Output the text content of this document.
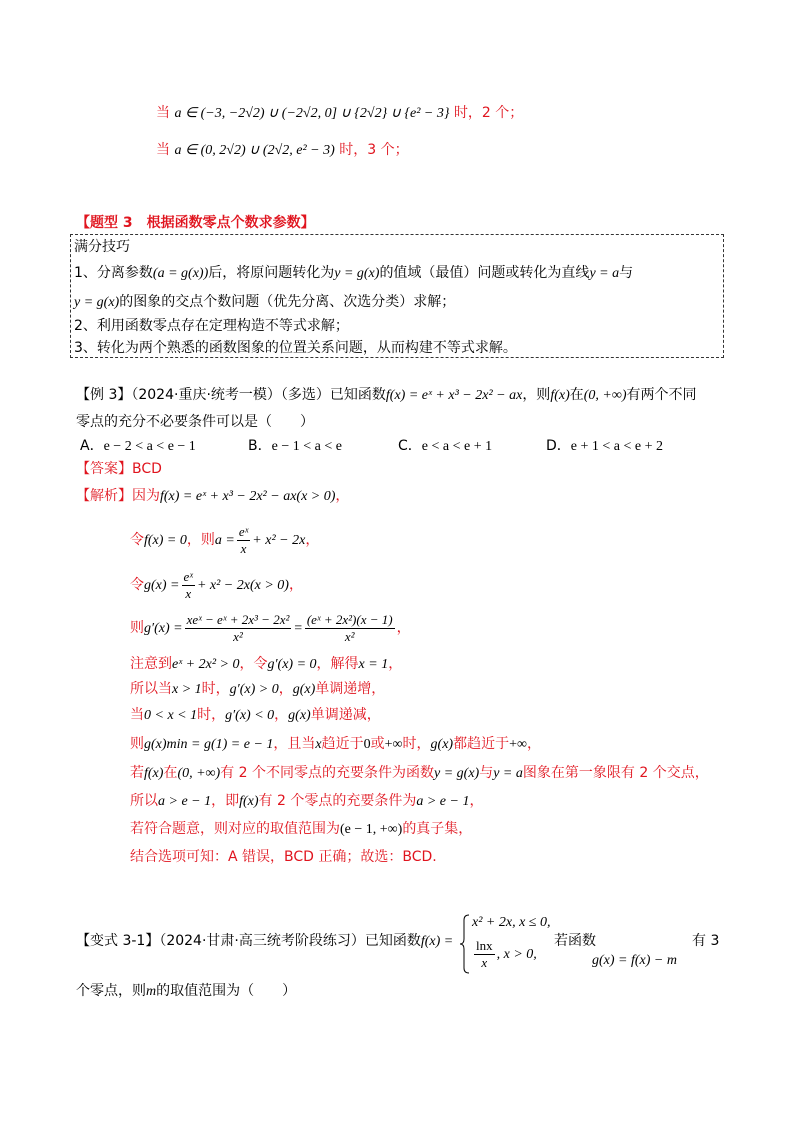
当 a ∈ (−3, −2√2) ∪ (−2√2, 0] ∪ {2√2} ∪ {e² − 3} 时，2 个；
当 a ∈ (0, 2√2) ∪ (2√2, e² − 3) 时，3 个；
【题型 3　根据函数零点个数求参数】
满分技巧
1、分离参数(a = g(x))后，将原问题转化为y = g(x)的值域（最值）问题或转化为直线y = a与
y = g(x)的图象的交点个数问题（优先分离、次选分类）求解；
2、利用函数零点存在定理构造不等式求解；
3、转化为两个熟悉的函数图象的位置关系问题，从而构建不等式求解。
【例 3】（2024·重庆·统考一模）（多选）已知函数f(x) = eˣ + x³ − 2x² − ax，则f(x)在(0, +∞)有两个不同
零点的充分不必要条件可以是（　　）
A．e − 2 < a < e − 1	B．e − 1 < a < e	C．e < a < e + 1	D．e + 1 < a < e + 2
【答案】BCD
【解析】因为f(x) = eˣ + x³ − 2x² − ax(x > 0)，
令f(x) = 0，则$a = \frac{\text{eˣ}}{x} + x^2 - 2x$，
令$g(x) = \frac{\text{eˣ}}{x} + x^2 - 2x(x > 0)$，
则$g'(x) = \frac{\text{xeˣ − eˣ + 2x³ − 2x²}}{\text{x²}} = \frac{\text{(eˣ + 2x²)(x − 1)}}{\text{x²}}$ ，
注意到eˣ + 2x² > 0，令g′(x) = 0，解得x = 1，
所以当x > 1时，g′(x) > 0，g(x)单调递增，
当0 < x < 1时，g′(x) < 0，g(x)单调递减，
则g(x)min = g(1) = e − 1，且当x趋近于0或+∞时，g(x)都趋近于+∞，
若f(x)在(0, +∞)有 2 个不同零点的充要条件为函数y = g(x)与y = a图象在第一象限有 2 个交点，
所以a > e − 1，即f(x)有 2 个零点的充要条件为a > e − 1，
若符合题意，则对应的取值范围为(e − 1, +∞)的真子集，
结合选项可知：A 错误，BCD 正确；故选：BCD.
【变式 3-1】（2024·甘肃·高三统考阶段练习）已知函数f(x) =
x² + 2x, x ≤ 0,
$\frac{\ln x}{x}$ , x > 0,
若函数
g(x) = f(x) − m
有 3
个零点，则m的取值范围为（　　）
